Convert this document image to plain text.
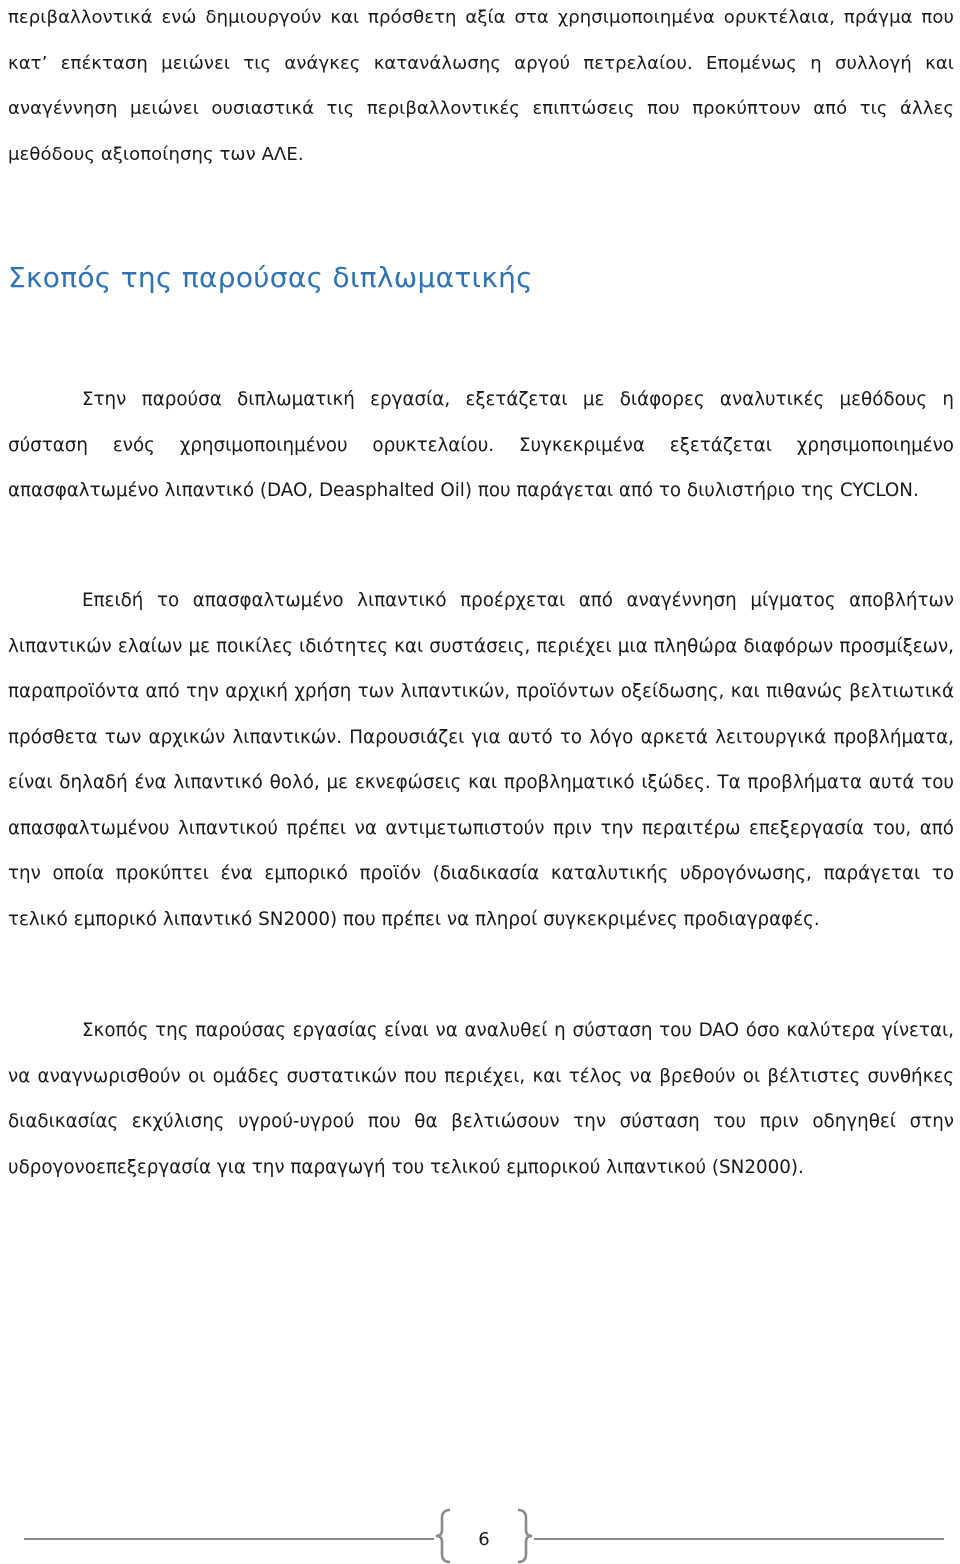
περιβαλλοντικά ενώ δημιουργούν και πρόσθετη αξία στα χρησιμοποιημένα ορυκτέλαια, πράγμα που κατ’ επέκταση μειώνει τις ανάγκες κατανάλωσης αργού πετρελαίου. Επομένως η συλλογή και αναγέννηση μειώνει ουσιαστικά τις περιβαλλοντικές επιπτώσεις που προκύπτουν από τις άλλες μεθόδους αξιοποίησης των ΑΛΕ.

Σκοπός της παρούσας διπλωματικής

Στην παρούσα διπλωματική εργασία, εξετάζεται με διάφορες αναλυτικές μεθόδους η σύσταση ενός χρησιμοποιημένου ορυκτελαίου. Συγκεκριμένα εξετάζεται χρησιμοποιημένο απασφαλτωμένο λιπαντικό (DAO, Deasphalted Oil) που παράγεται από το διυλιστήριο της CYCLON.

Επειδή το απασφαλτωμένο λιπαντικό προέρχεται από αναγέννηση μίγματος αποβλήτων λιπαντικών ελαίων με ποικίλες ιδιότητες και συστάσεις, περιέχει μια πληθώρα διαφόρων προσμίξεων, παραπροϊόντα από την αρχική χρήση των λιπαντικών, προϊόντων οξείδωσης, και πιθανώς βελτιωτικά πρόσθετα των αρχικών λιπαντικών. Παρουσιάζει για αυτό το λόγο αρκετά λειτουργικά προβλήματα, είναι δηλαδή ένα λιπαντικό θολό, με εκνεφώσεις και προβληματικό ιξώδες. Τα προβλήματα αυτά του απασφαλτωμένου λιπαντικού πρέπει να αντιμετωπιστούν πριν την περαιτέρω επεξεργασία του, από την οποία προκύπτει ένα εμπορικό προϊόν (διαδικασία καταλυτικής υδρογόνωσης, παράγεται το τελικό εμπορικό λιπαντικό SN2000) που πρέπει να πληροί συγκεκριμένες προδιαγραφές.

Σκοπός της παρούσας εργασίας είναι να αναλυθεί η σύσταση του DAO όσο καλύτερα γίνεται, να αναγνωρισθούν οι ομάδες συστατικών που περιέχει, και τέλος να βρεθούν οι βέλτιστες συνθήκες διαδικασίας εκχύλισης υγρού-υγρού που θα βελτιώσουν την σύσταση του πριν οδηγηθεί στην υδρογονοεπεξεργασία για την παραγωγή του τελικού εμπορικού λιπαντικού (SN2000).

6
